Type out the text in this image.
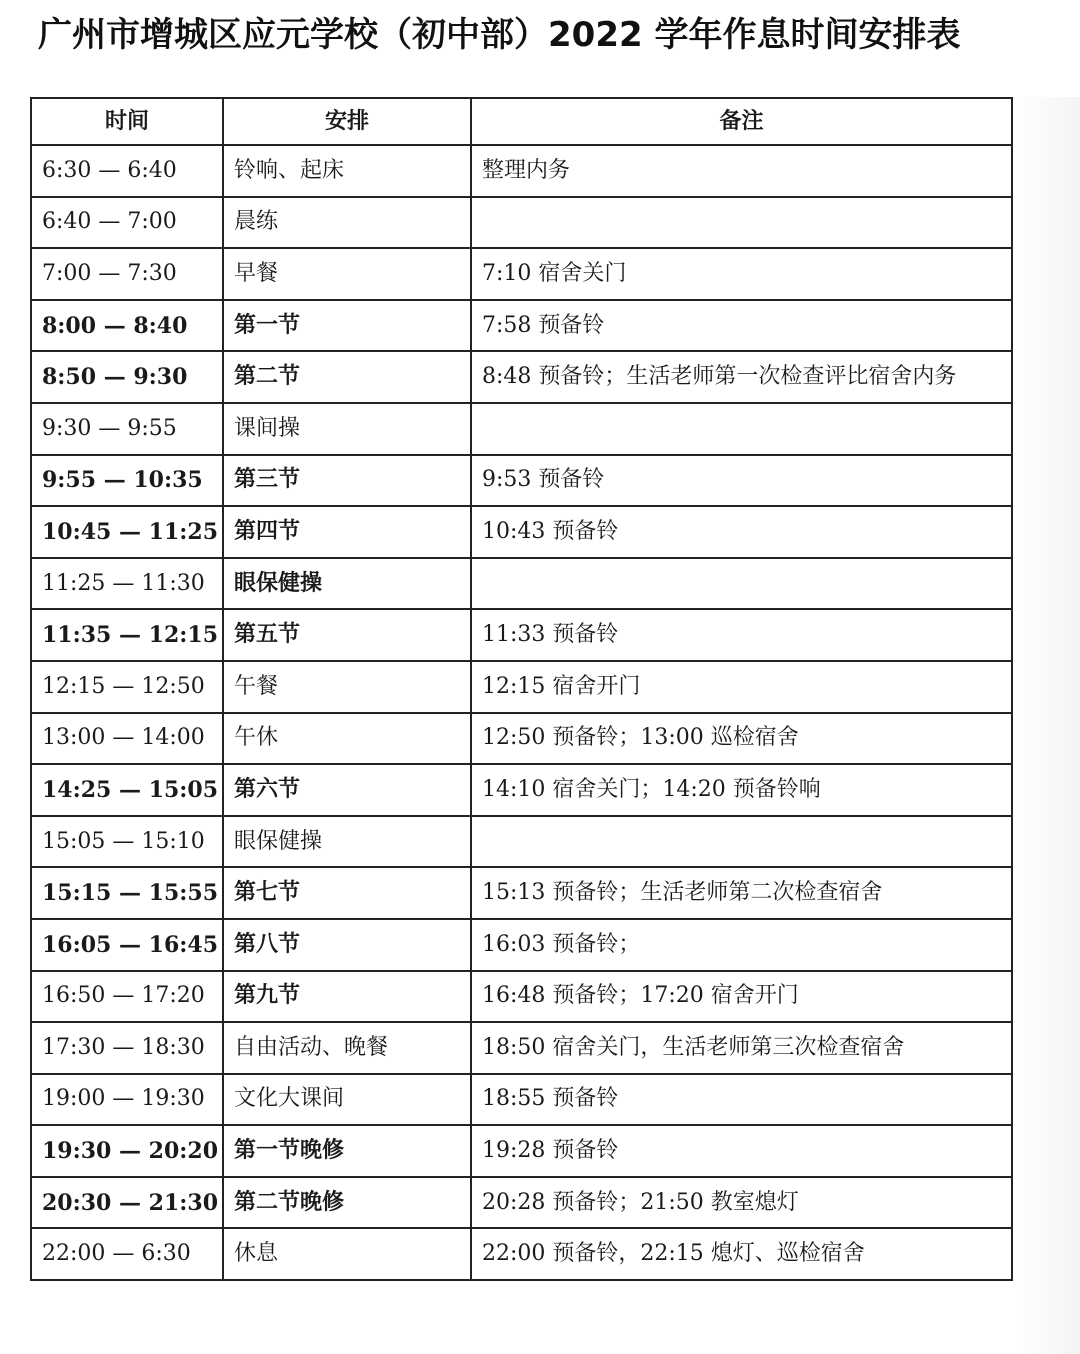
广州市增城区应元学校（初中部）2022 学年作息时间安排表
时间	安排	备注
6:30 — 6:40	铃响、起床	整理内务
6:40 — 7:00	晨练	
7:00 — 7:30	早餐	7:10 宿舍关门
8:00 — 8:40	第一节	7:58 预备铃
8:50 — 9:30	第二节	8:48 预备铃；生活老师第一次检查评比宿舍内务
9:30 — 9:55	课间操	
9:55 — 10:35	第三节	9:53 预备铃
10:45 — 11:25	第四节	10:43 预备铃
11:25 — 11:30	眼保健操	
11:35 — 12:15	第五节	11:33 预备铃
12:15 — 12:50	午餐	12:15 宿舍开门
13:00 — 14:00	午休	12:50 预备铃；13:00 巡检宿舍
14:25 — 15:05	第六节	14:10 宿舍关门；14:20 预备铃响
15:05 — 15:10	眼保健操	
15:15 — 15:55	第七节	15:13 预备铃；生活老师第二次检查宿舍
16:05 — 16:45	第八节	16:03 预备铃；
16:50 — 17:20	第九节	16:48 预备铃；17:20 宿舍开门
17:30 — 18:30	自由活动、晚餐	18:50 宿舍关门，生活老师第三次检查宿舍
19:00 — 19:30	文化大课间	18:55 预备铃
19:30 — 20:20	第一节晚修	19:28 预备铃
20:30 — 21:30	第二节晚修	20:28 预备铃；21:50 教室熄灯
22:00 — 6:30	休息	22:00 预备铃，22:15 熄灯、巡检宿舍
